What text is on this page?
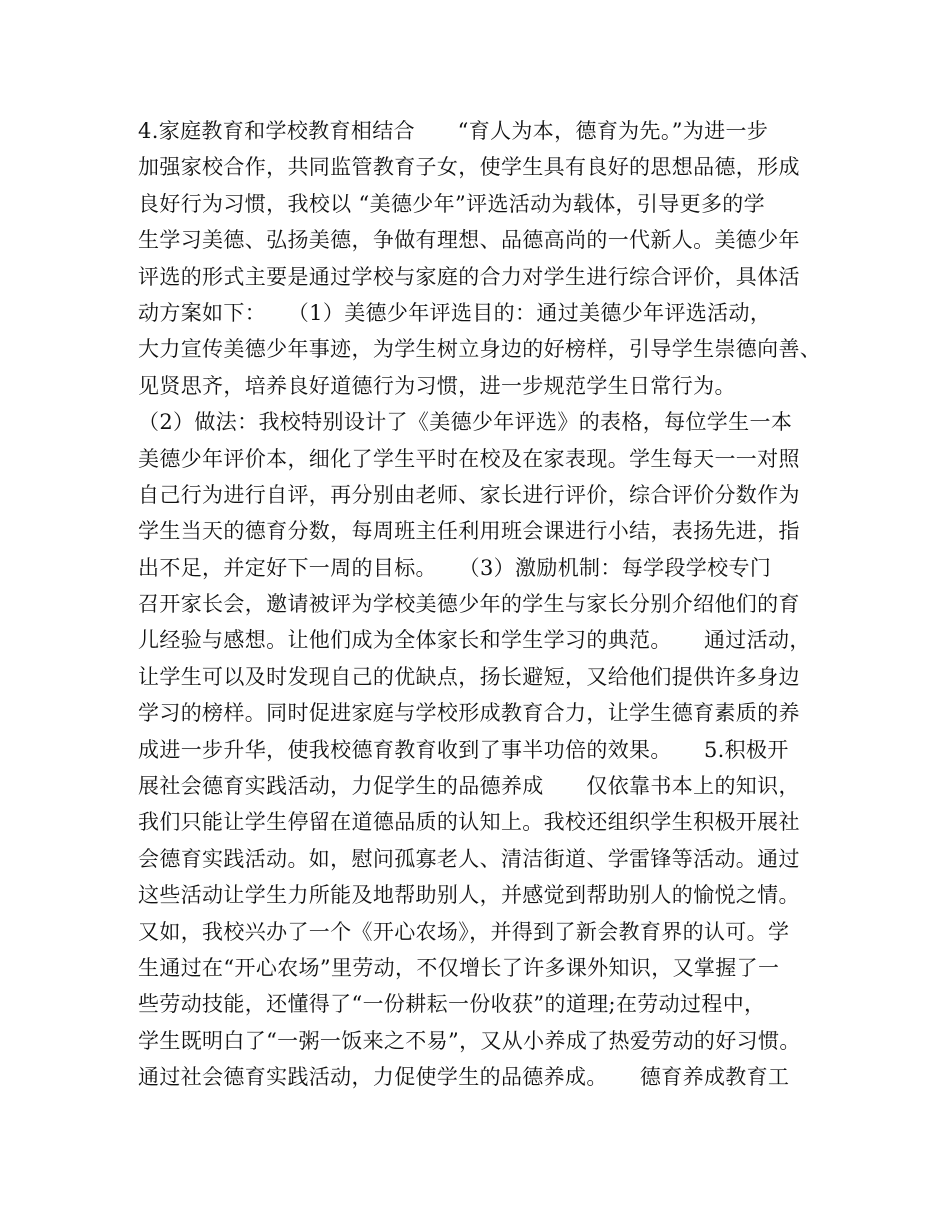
4.家庭教育和学校教育相结合　　“育人为本，德育为先。”为进一步
加强家校合作，共同监管教育子女，使学生具有良好的思想品德，形成
良好行为习惯，我校以 “美德少年”评选活动为载体，引导更多的学
生学习美德、弘扬美德，争做有理想、品德高尚的一代新人。美德少年
评选的形式主要是通过学校与家庭的合力对学生进行综合评价，具体活
动方案如下：　　（1）美德少年评选目的：通过美德少年评选活动，
大力宣传美德少年事迹，为学生树立身边的好榜样，引导学生崇德向善、
见贤思齐，培养良好道德行为习惯，进一步规范学生日常行为。
（2）做法：我校特别设计了《美德少年评选》的表格，每位学生一本
美德少年评价本，细化了学生平时在校及在家表现。学生每天一一对照
自己行为进行自评，再分别由老师、家长进行评价，综合评价分数作为
学生当天的德育分数，每周班主任利用班会课进行小结，表扬先进，指
出不足，并定好下一周的目标。　　（3）激励机制：每学段学校专门
召开家长会，邀请被评为学校美德少年的学生与家长分别介绍他们的育
儿经验与感想。让他们成为全体家长和学生学习的典范。　　通过活动，
让学生可以及时发现自己的优缺点，扬长避短，又给他们提供许多身边
学习的榜样。同时促进家庭与学校形成教育合力，让学生德育素质的养
成进一步升华，使我校德育教育收到了事半功倍的效果。　　5.积极开
展社会德育实践活动，力促学生的品德养成　　仅依靠书本上的知识，
我们只能让学生停留在道德品质的认知上。我校还组织学生积极开展社
会德育实践活动。如，慰问孤寡老人、清洁街道、学雷锋等活动。通过
这些活动让学生力所能及地帮助别人，并感觉到帮助别人的愉悦之情。
又如，我校兴办了一个《开心农场》，并得到了新会教育界的认可。学
生通过在“开心农场”里劳动，不仅增长了许多课外知识，又掌握了一
些劳动技能，还懂得了“一份耕耘一份收获”的道理;在劳动过程中，
学生既明白了“一粥一饭来之不易”，又从小养成了热爱劳动的好习惯。
通过社会德育实践活动，力促使学生的品德养成。　　德育养成教育工
